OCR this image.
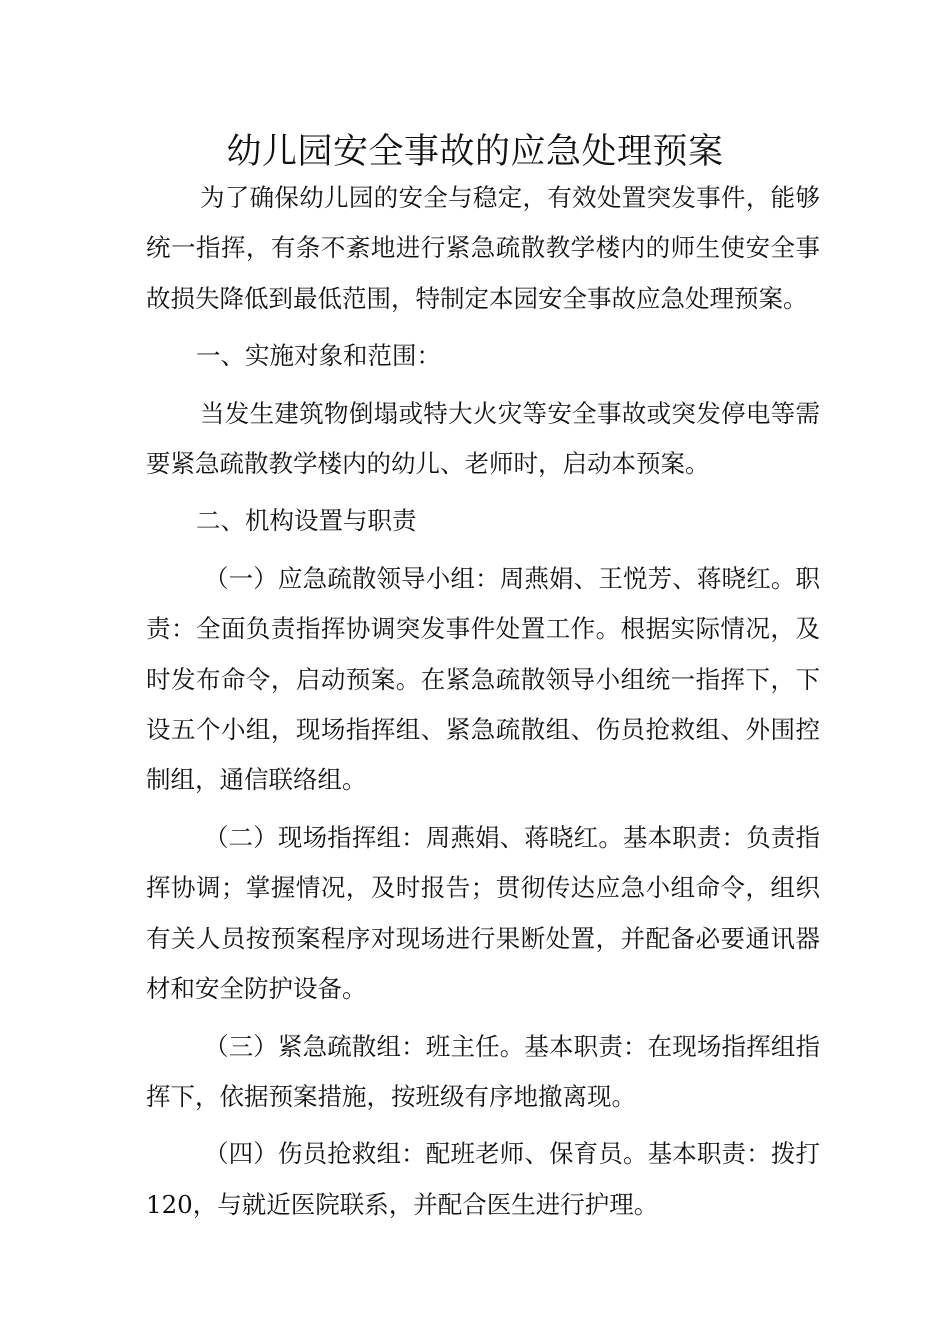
幼儿园安全事故的应急处理预案

为了确保幼儿园的安全与稳定，有效处置突发事件，能够统一指挥，有条不紊地进行紧急疏散教学楼内的师生使安全事故损失降低到最低范围，特制定本园安全事故应急处理预案。

一、实施对象和范围：

当发生建筑物倒塌或特大火灾等安全事故或突发停电等需要紧急疏散教学楼内的幼儿、老师时，启动本预案。

二、机构设置与职责

（一）应急疏散领导小组：周燕娟、王悦芳、蒋晓红。职责：全面负责指挥协调突发事件处置工作。根据实际情况，及时发布命令，启动预案。在紧急疏散领导小组统一指挥下，下设五个小组，现场指挥组、紧急疏散组、伤员抢救组、外围控制组，通信联络组。

（二）现场指挥组：周燕娟、蒋晓红。基本职责：负责指挥协调；掌握情况，及时报告；贯彻传达应急小组命令，组织有关人员按预案程序对现场进行果断处置，并配备必要通讯器材和安全防护设备。

（三）紧急疏散组：班主任。基本职责：在现场指挥组指挥下，依据预案措施，按班级有序地撤离现。

（四）伤员抢救组：配班老师、保育员。基本职责：拨打120，与就近医院联系，并配合医生进行护理。
